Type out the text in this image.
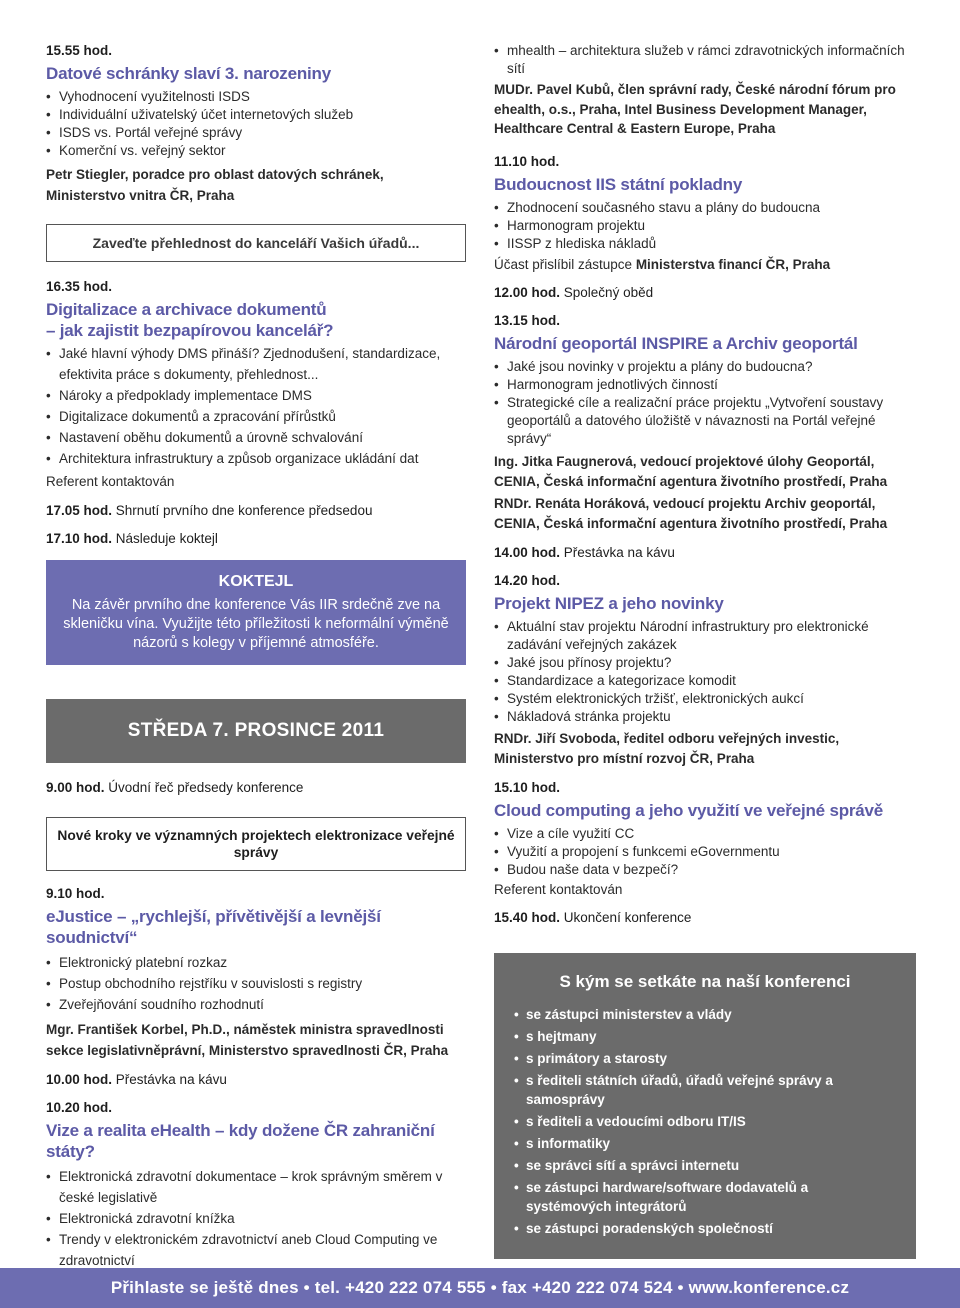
15.55 hod.

Datové schránky slaví 3. narozeniny
• Vyhodnocení využitelnosti ISDS
• Individuální uživatelský účet internetových služeb
• ISDS vs. Portál veřejné správy
• Komerční vs. veřejný sektor

Petr Stiegler, poradce pro oblast datových schránek, Ministerstvo vnitra ČR, Praha

Zaveďte přehlednost do kanceláří Vašich úřadů...

16.35 hod.

Digitalizace a archivace dokumentů
– jak zajistit bezpapírovou kancelář?
• Jaké hlavní výhody DMS přináší? Zjednodušení, standardizace, efektivita práce s dokumenty, přehlednost...
• Nároky a předpoklady implementace DMS
• Digitalizace dokumentů a zpracování přírůstků
• Nastavení oběhu dokumentů a úrovně schvalování
• Architektura infrastruktury a způsob organizace ukládání dat

Referent kontaktován

17.05 hod. Shrnutí prvního dne konference předsedou

17.10 hod. Následuje koktejl

KOKTEJL
Na závěr prvního dne konference Vás IIR srdečně zve na skleničku vína. Využijte této příležitosti k neformální výměně názorů s kolegy v příjemné atmosféře.
STŘEDA 7. PROSINCE 2011

9.00 hod. Úvodní řeč předsedy konference

Nové kroky ve významných projektech elektronizace veřejné správy

9.10 hod.

eJustice – „rychlejší, přívětivější a levnější soudnictví“
• Elektronický platební rozkaz
• Postup obchodního rejstříku v souvislosti s registry
• Zveřejňování soudního rozhodnutí

Mgr. František Korbel, Ph.D., náměstek ministra spravedlnosti sekce legislativněprávní, Ministerstvo spravedlnosti ČR, Praha

10.00 hod. Přestávka na kávu

10.20 hod.

Vize a realita eHealth – kdy dožene ČR zahraniční státy?
• Elektronická zdravotní dokumentace – krok správným směrem v české legislativě
• Elektronická zdravotní knížka
• Trendy v elektronickém zdravotnictví aneb Cloud Computing ve zdravotnictví
• mhealth – architektura služeb v rámci zdravotnických informačních sítí

MUDr. Pavel Kubů, člen správní rady, České národní fórum pro ehealth, o.s., Praha, Intel Business Development Manager, Healthcare Central & Eastern Europe, Praha

11.10 hod.

Budoucnost IIS státní pokladny
• Zhodnocení současného stavu a plány do budoucna
• Harmonogram projektu
• IISSP z hlediska nákladů

Účast přislíbil zástupce Ministerstva financí ČR, Praha

12.00 hod. Společný oběd

13.15 hod.

Národní geoportál INSPIRE a Archiv geoportál
• Jaké jsou novinky v projektu a plány do budoucna?
• Harmonogram jednotlivých činností
• Strategické cíle a realizační práce projektu „Vytvoření soustavy geoportálů a datového úložiště v návaznosti na Portál veřejné správy“

Ing. Jitka Faugnerová, vedoucí projektové úlohy Geoportál, CENIA, Česká informační agentura životního prostředí, Praha

RNDr. Renáta Horáková, vedoucí projektu Archiv geoportál, CENIA, Česká informační agentura životního prostředí, Praha

14.00 hod. Přestávka na kávu

14.20 hod.

Projekt NIPEZ a jeho novinky
• Aktuální stav projektu Národní infrastruktury pro elektronické zadávání veřejných zakázek
• Jaké jsou přínosy projektu?
• Standardizace a kategorizace komodit
• Systém elektronických tržišť, elektronických aukcí
• Nákladová stránka projektu

RNDr. Jiří Svoboda, ředitel odboru veřejných investic, Ministerstvo pro místní rozvoj ČR, Praha

15.10 hod.

Cloud computing a jeho využití ve veřejné správě
• Vize a cíle využití CC
• Využití a propojení s funkcemi eGovernmentu
• Budou naše data v bezpečí?

Referent kontaktován

15.40 hod. Ukončení konference

S kým se setkáte na naší konferenci
• se zástupci ministerstev a vlády
• s hejtmany
• s primátory a starosty
• s řediteli státních úřadů, úřadů veřejné správy a samosprávy
• s řediteli a vedoucími odboru IT/IS
• s informatiky
• se správci sítí a správci internetu
• se zástupci hardware/software dodavatelů a systémových integrátorů
• se zástupci poradenských společností
Přihlaste se ještě dnes • tel. +420 222 074 555 • fax +420 222 074 524 • www.konference.cz
